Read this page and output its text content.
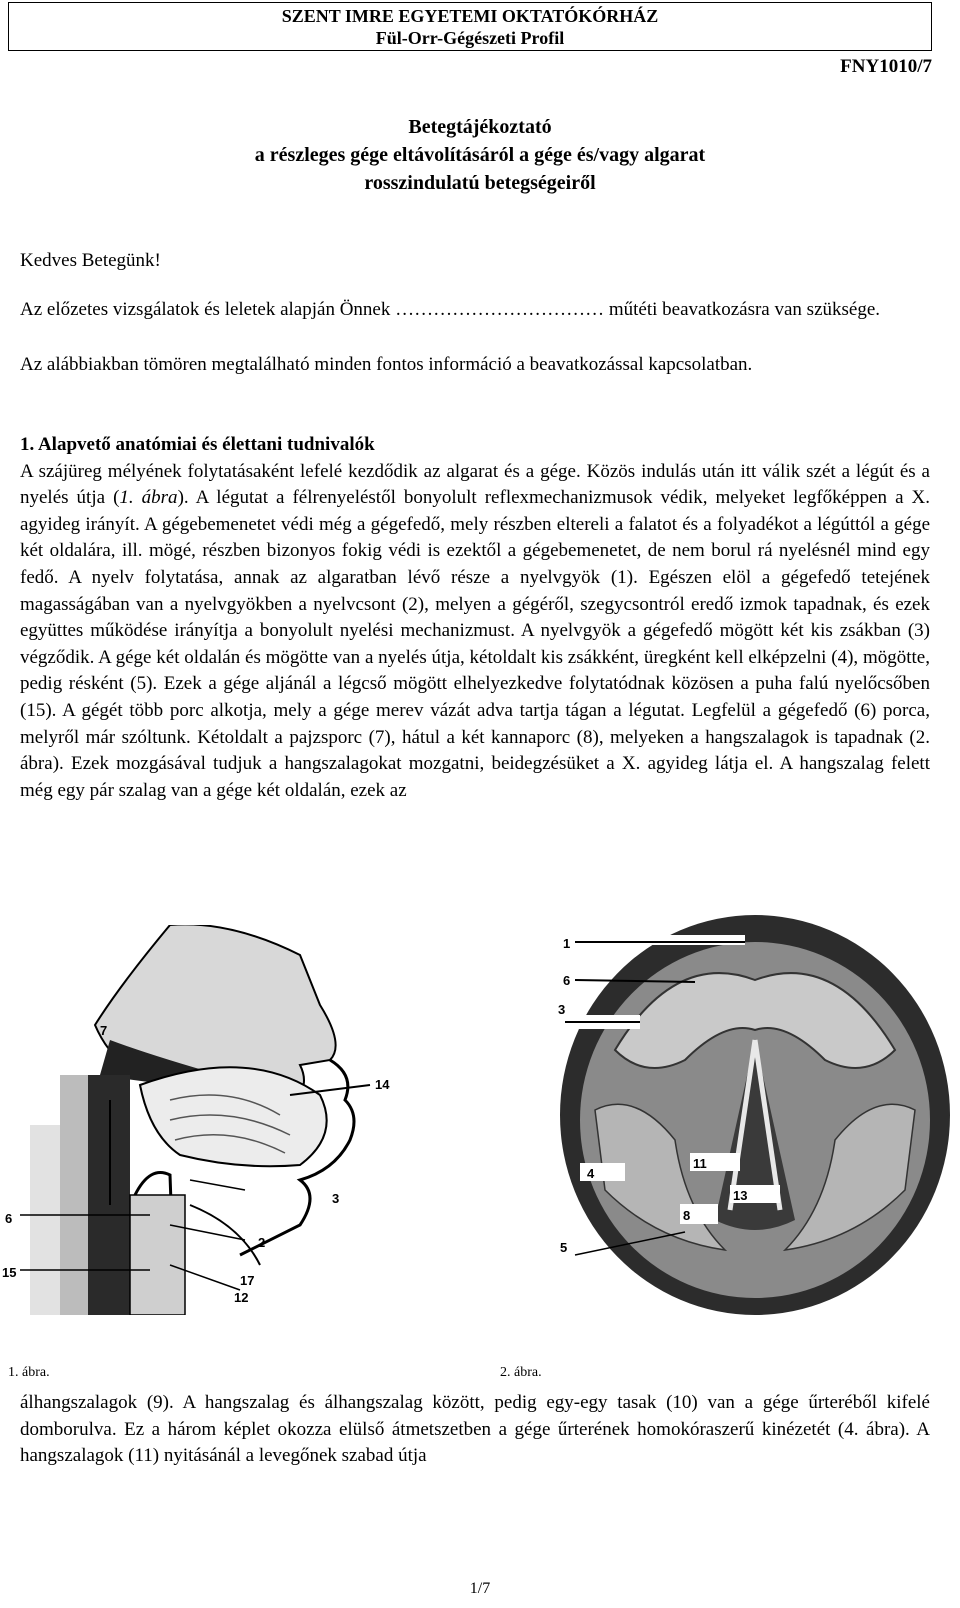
SZENT IMRE EGYETEMI OKTATÓKÓRHÁZ
Fül-Orr-Gégészeti Profil
FNY1010/7
Betegtájékoztató
a részleges gége eltávolításáról a gége és/vagy algarat
rosszindulatú betegségeiről
Kedves Betegünk!

Az előzetes vizsgálatok és leletek alapján Önnek …………………………… műtéti beavatkozásra van szüksége.

Az alábbiakban tömören megtalálható minden fontos információ a beavatkozással kapcsolatban.

1. Alapvető anatómiai és élettani tudnivalók
A szájüreg mélyének folytatásaként lefelé kezdődik az algarat és a gége. Közös indulás után itt válik szét a légút és a nyelés útja (1. ábra). A légutat a félrenyeléstől bonyolult reflexmechanizmusok védik, melyeket legfőképpen a X. agyideg irányít. A gégebemenetet védi még a gégefedő, mely részben eltereli a falatot és a folyadékot a légúttól a gége két oldalára, ill. mögé, részben bizonyos fokig védi is ezektől a gégebemenetet, de nem borul rá nyelésnél mind egy fedő. A nyelv folytatása, annak az algaratban lévő része a nyelvgyök (1). Egészen elöl a gégefedő tetejének magasságában van a nyelvgyökben a nyelvcsont (2), melyen a gégéről, szegycsontról eredő izmok tapadnak, és ezek együttes működése irányítja a bonyolult nyelési mechanizmust. A nyelvgyök a gégefedő mögött két kis zsákban (3) végződik. A gége két oldalán és mögötte van a nyelés útja, kétoldalt kis zsákként, üregként kell elképzelni (4), mögötte, pedig résként (5). Ezek a gége aljánál a légcső mögött elhelyezkedve folytatódnak közösen a puha falú nyelőcsőben (15). A gégét több porc alkotja, mely a gége merev vázát adva tartja tágan a légutat. Legfelül a gégefedő (6) porca, melyről már szóltunk. Kétoldalt a pajzsporc (7), hátul a két kannaporc (8), melyeken a hangszalagok is tapadnak (2. ábra). Ezek mozgásával tudjuk a hangszalagokat mozgatni, beidegzésüket a X. agyideg látja el. A hangszalag felett még egy pár szalag van a gége két oldalán, ezek az
7
14
3
6
2
15
12
17
1
6
3
4
11
13
8
5
1. ábra.	2. ábra.

álhangszalagok (9). A hangszalag és álhangszalag között, pedig egy-egy tasak (10) van a gége űrteréből kifelé domborulva. Ez a három képlet okozza elülső átmetszetben a gége űrterének homokóraszerű kinézetét (4. ábra). A hangszalagok (11) nyitásánál a levegőnek szabad útja

1/7
